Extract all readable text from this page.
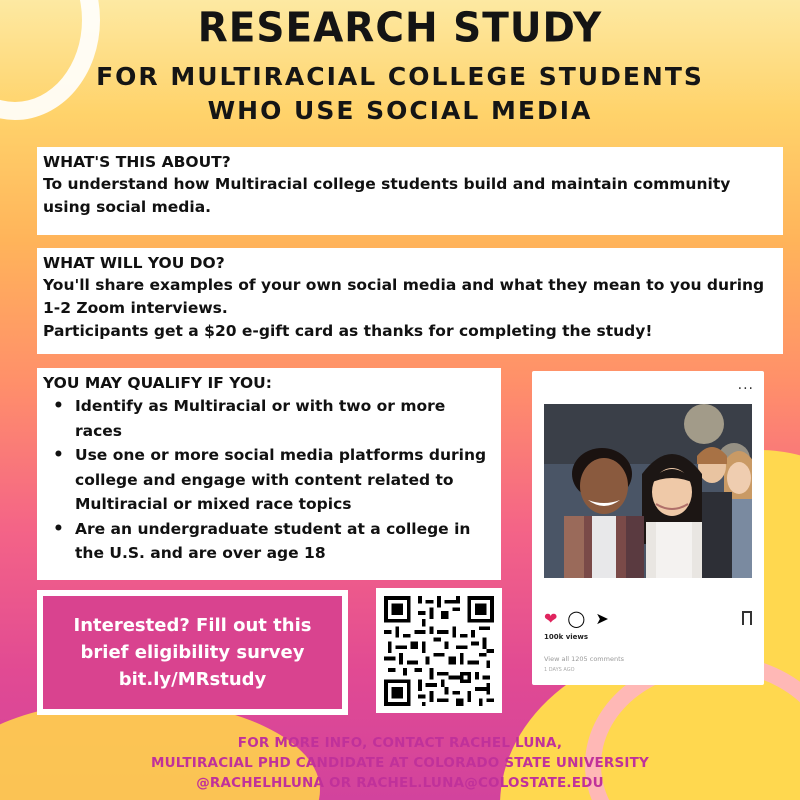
RESEARCH STUDY
FOR MULTIRACIAL COLLEGE STUDENTS
WHO USE SOCIAL MEDIA
WHAT'S THIS ABOUT?

To understand how Multiracial college students build and maintain community using social media.

WHAT WILL YOU DO?

You'll share examples of your own social media and what they mean to you during 1-2 Zoom interviews.

Participants get a $20 e-gift card as thanks for completing the study!

YOU MAY QUALIFY IF YOU:
• Identify as Multiracial or with two or more races
• Use one or more social media platforms during college and engage with content related to Multiracial or mixed race topics
• Are an undergraduate student at a college in the U.S. and are over age 18
...
❤ ◯ ➤
100k views
View all 1205 comments
1 DAYS AGO
Interested? Fill out this
brief eligibility survey
bit.ly/MRstudy
FOR MORE INFO, CONTACT RACHEL LUNA,
MULTIRACIAL PHD CANDIDATE AT COLORADO STATE UNIVERSITY
@RACHELHLUNA OR RACHEL.LUNA@COLOSTATE.EDU
